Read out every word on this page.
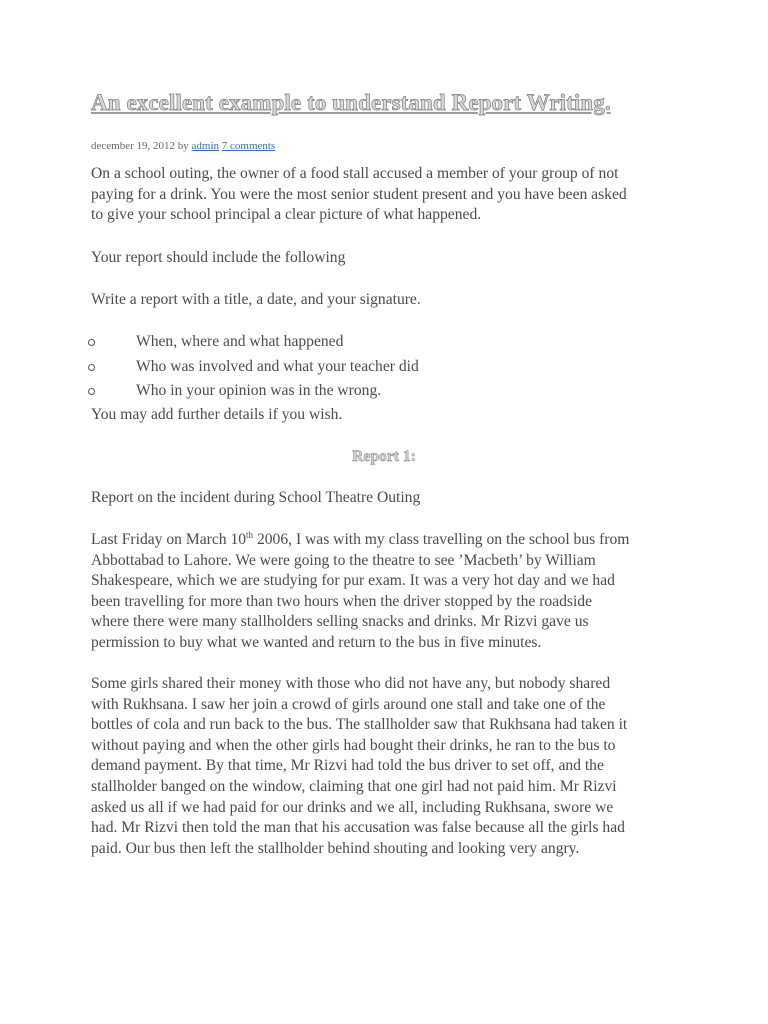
An excellent example to understand Report Writing.
december 19, 2012 by admin 7 comments
On a school outing, the owner of a food stall accused a member of your group of not
paying for a drink. You were the most senior student present and you have been asked
to give your school principal a clear picture of what happened.
Your report should include the following
Write a report with a title, a date, and your signature.
When, where and what happened
Who was involved and what your teacher did
Who in your opinion was in the wrong.
You may add further details if you wish.
Report 1:
Report on the incident during School Theatre Outing
Last Friday on March 10th 2006, I was with my class travelling on the school bus from
Abbottabad to Lahore. We were going to the theatre to see ’Macbeth’ by William
Shakespeare, which we are studying for pur exam. It was a very hot day and we had
been travelling for more than two hours when the driver stopped by the roadside
where there were many stallholders selling snacks and drinks. Mr Rizvi gave us
permission to buy what we wanted and return to the bus in five minutes.
Some girls shared their money with those who did not have any, but nobody shared
with Rukhsana. I saw her join a crowd of girls around one stall and take one of the
bottles of cola and run back to the bus. The stallholder saw that Rukhsana had taken it
without paying and when the other girls had bought their drinks, he ran to the bus to
demand payment. By that time, Mr Rizvi had told the bus driver to set off, and the
stallholder banged on the window, claiming that one girl had not paid him. Mr Rizvi
asked us all if we had paid for our drinks and we all, including Rukhsana, swore we
had. Mr Rizvi then told the man that his accusation was false because all the girls had
paid. Our bus then left the stallholder behind shouting and looking very angry.
